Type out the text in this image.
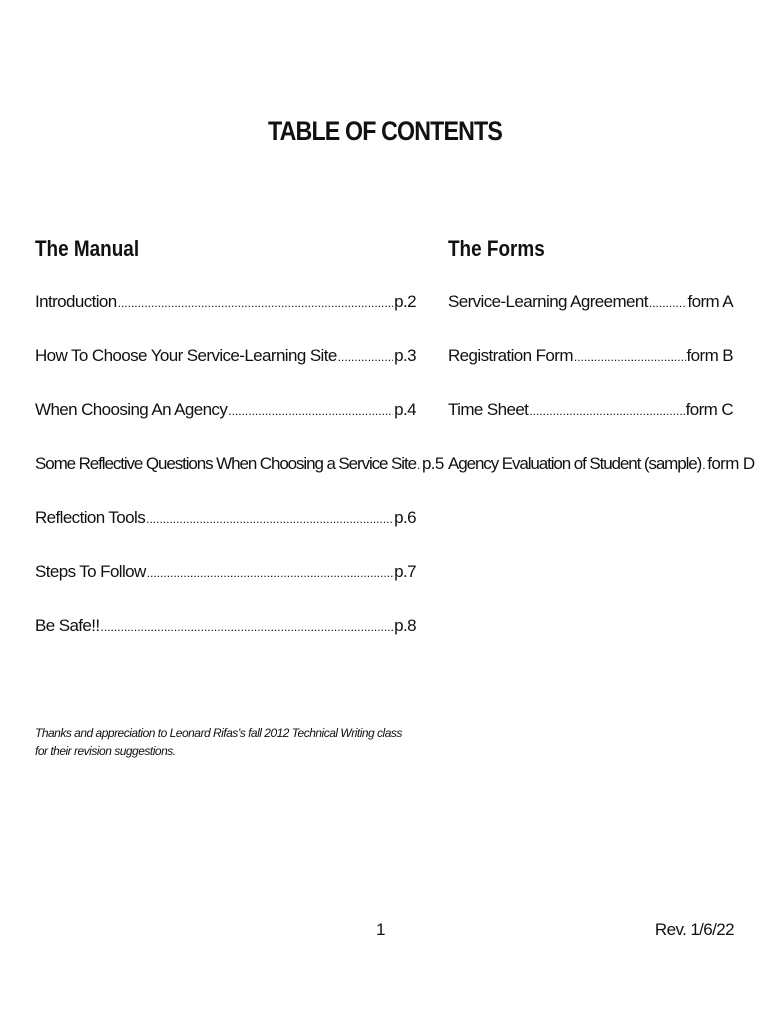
TABLE OF CONTENTS
The Manual	The Forms
Introduction .....	p.2
How To Choose Your Service-Learning Site .....	p.3
When Choosing An Agency .....	p.4
Some Reflective Questions When Choosing a Service Site ..... p.5
Reflection Tools .....	p.6
Steps To Follow .....	p.7
Be Safe!! .....	p.8
Service-Learning Agreement ..... form A
Registration Form .....	form B
Time Sheet .....	form C
Agency Evaluation of Student (sample) ..... form D
Thanks and appreciation to Leonard Rifas’s fall 2012 Technical Writing class
for their revision suggestions.
1	Rev. 1/6/22
